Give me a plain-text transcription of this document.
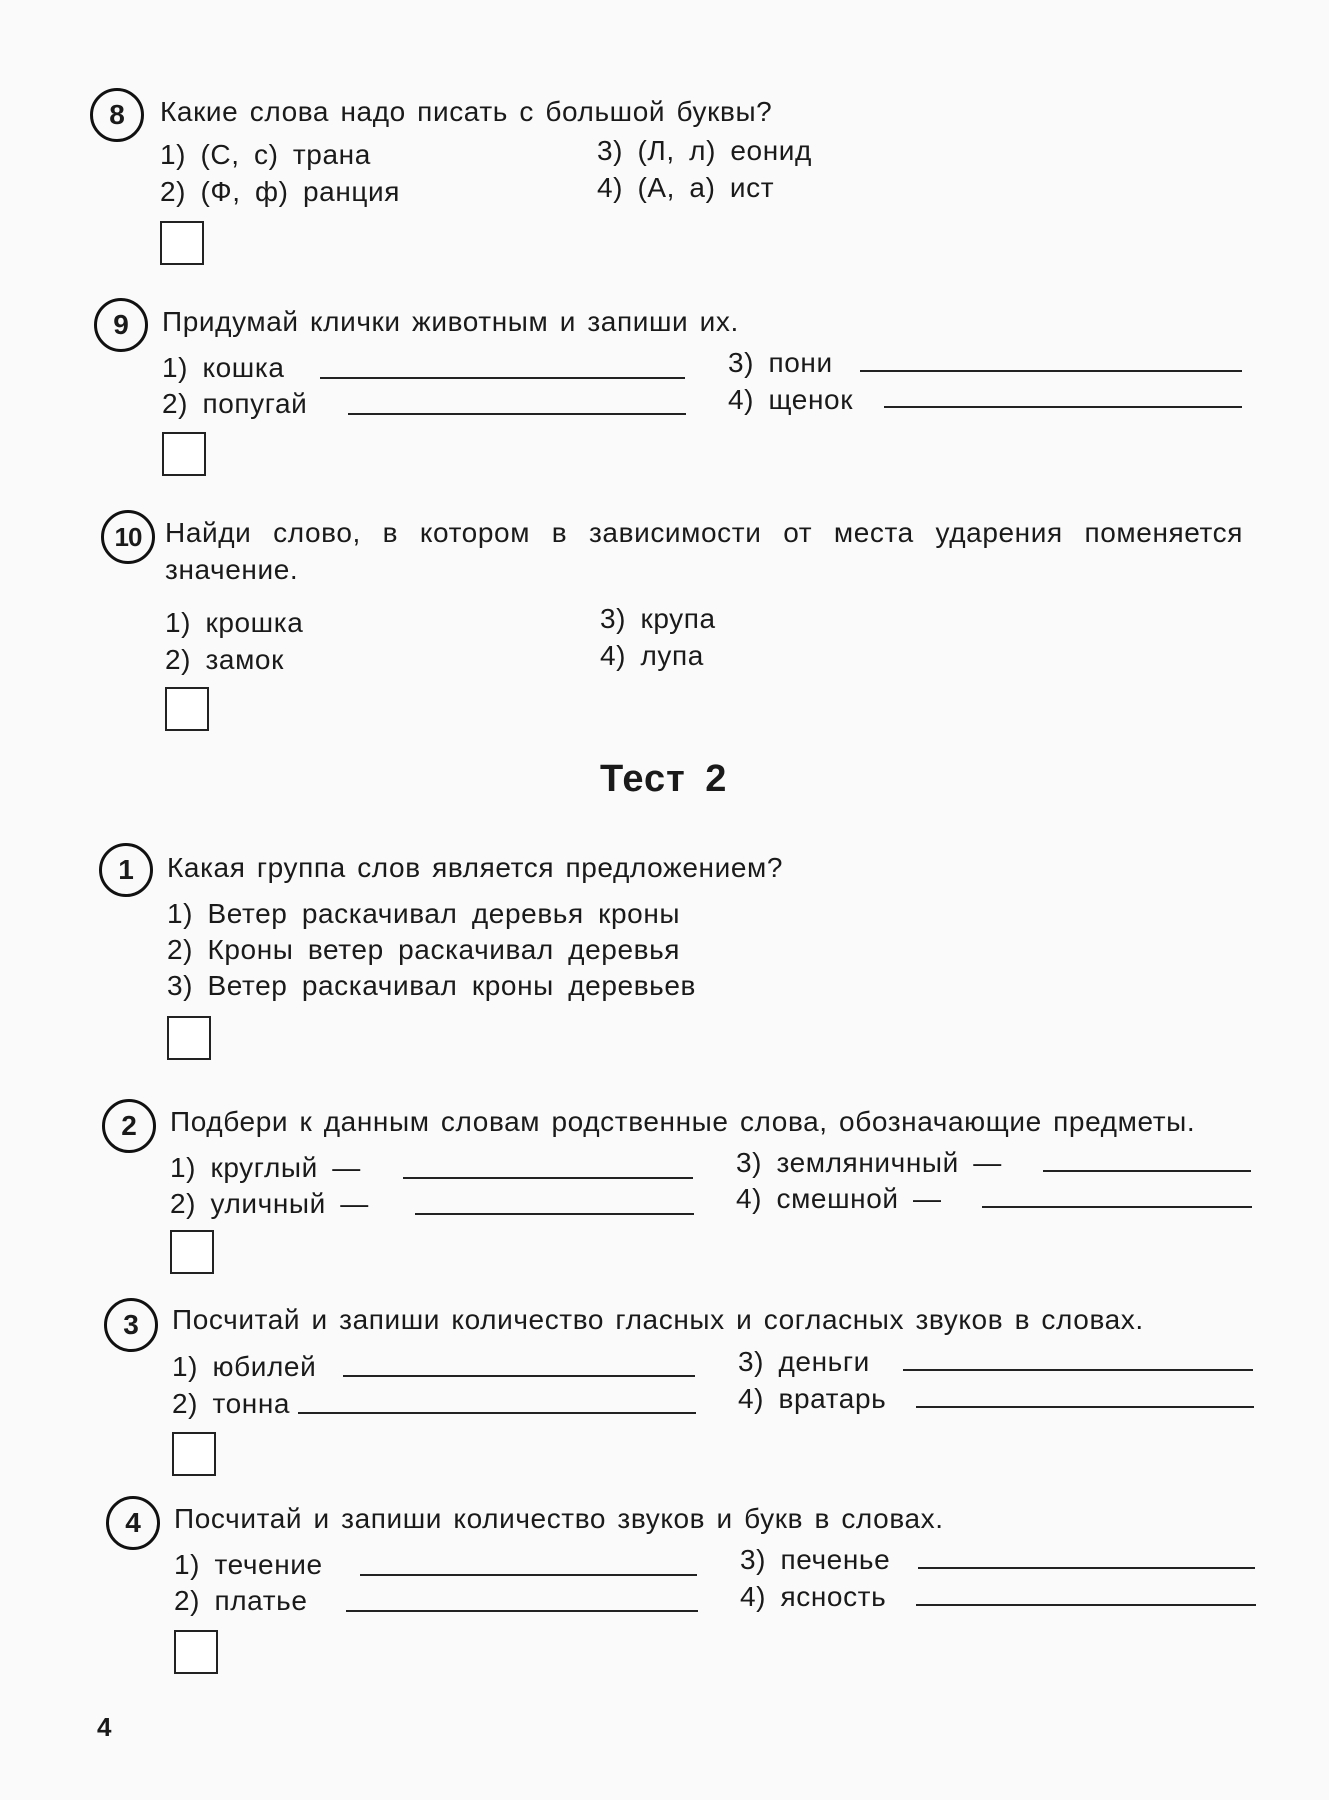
8	Какие слова надо писать с большой буквы?
1) (С, с) трана
2) (Ф, ф) ранция
3) (Л, л) еонид
4) (А, а) ист
9	Придумай клички животным и запиши их.
1) кошка
2) попугай
3) пони
4) щенок
10 Найди слово, в котором в зависимости от места ударения поменяется значение.
1) крошка
2) замок
3) крупа
4) лупа
Тест 2
1	Какая группа слов является предложением?
1) Ветер раскачивал деревья кроны
2) Кроны ветер раскачивал деревья
3) Ветер раскачивал кроны деревьев
2	Подбери к данным словам родственные слова, обозначающие предметы.
1) круглый —
2) уличный —
3) земляничный —
4) смешной —
3	Посчитай и запиши количество гласных и согласных звуков в словах.
1) юбилей
2) тонна
3) деньги
4) вратарь
4	Посчитай и запиши количество звуков и букв в словах.
1) течение
2) платье
3) печенье
4) ясность
4
